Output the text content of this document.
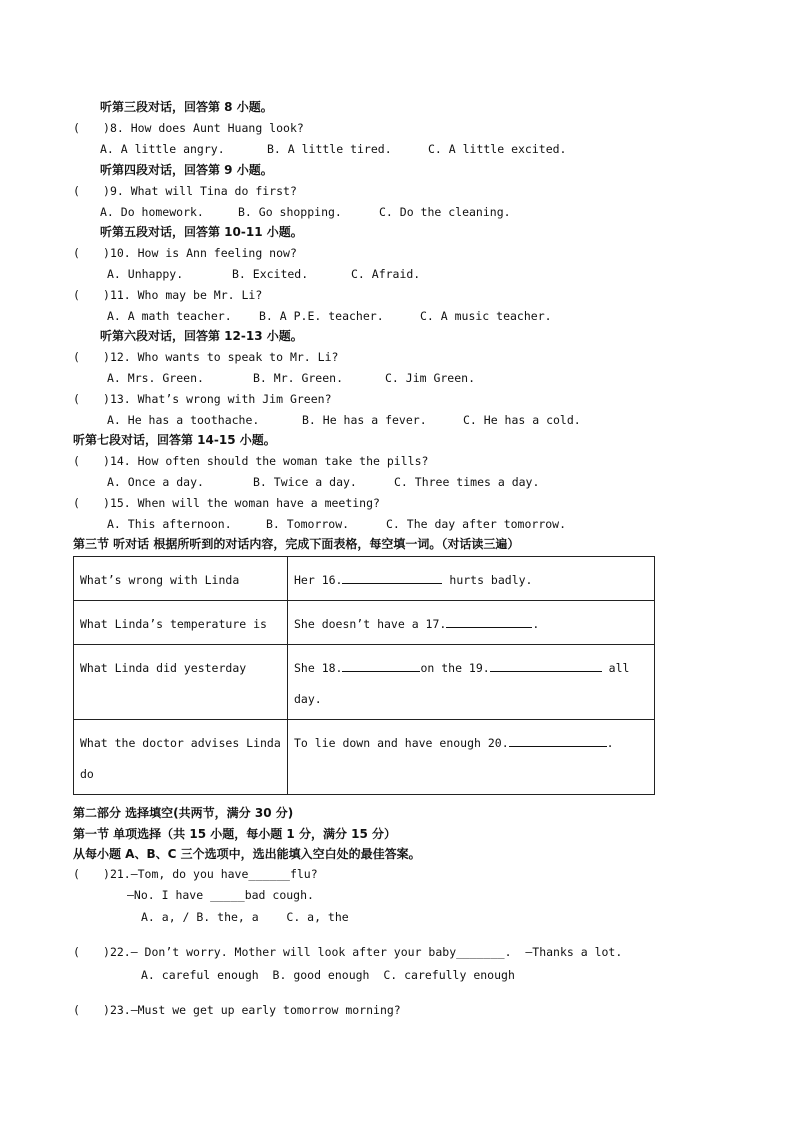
听第三段对话，回答第 8 小题。
( )8. How does Aunt Huang look?
A. A little angry.	B. A little tired.	C. A little excited.
听第四段对话，回答第 9 小题。
( )9. What will Tina do first?
A. Do homework.	B. Go shopping.	C. Do the cleaning.
听第五段对话，回答第 10-11 小题。
( )10. How is Ann feeling now?
A. Unhappy.	B. Excited.	C. Afraid.
( )11. Who may be Mr. Li?
A. A math teacher. B. A P.E. teacher.	C. A music teacher.
听第六段对话，回答第 12-13 小题。
( )12. Who wants to speak to Mr. Li?
A. Mrs. Green.	B. Mr. Green.	C. Jim Green.
( )13. What’s wrong with Jim Green?
A. He has a toothache.	B. He has a fever.	C. He has a cold.
听第七段对话，回答第 14-15 小题。
( )14. How often should the woman take the pills?
A. Once a day.	B. Twice a day.	C. Three times a day.
( )15. When will the woman have a meeting?
A. This afternoon.	B. Tomorrow.	C. The day after tomorrow.
第三节 听对话 根据所听到的对话内容，完成下面表格，每空填一词。（对话读三遍）
What’s wrong with Linda	Her 16. hurts badly.
What Linda’s temperature is	She doesn’t have a 17. .
What Linda did yesterday	She 18. on the 19. all day.
What the doctor advises Linda do	To lie down and have enough 20. .
第二部分 选择填空(共两节，满分 30 分)
第一节 单项选择（共 15 小题，每小题 1 分，满分 15 分）
从每小题 A、B、C 三个选项中，选出能填入空白处的最佳答案。
( )21.—Tom, do you have______flu?
—No. I have _____bad cough.
A. a, / B. the, a    C. a, the
( )22.— Don’t worry. Mother will look after your baby_______.  —Thanks a lot.
A. careful enough  B. good enough  C. carefully enough
( )23.—Must we get up early tomorrow morning?
